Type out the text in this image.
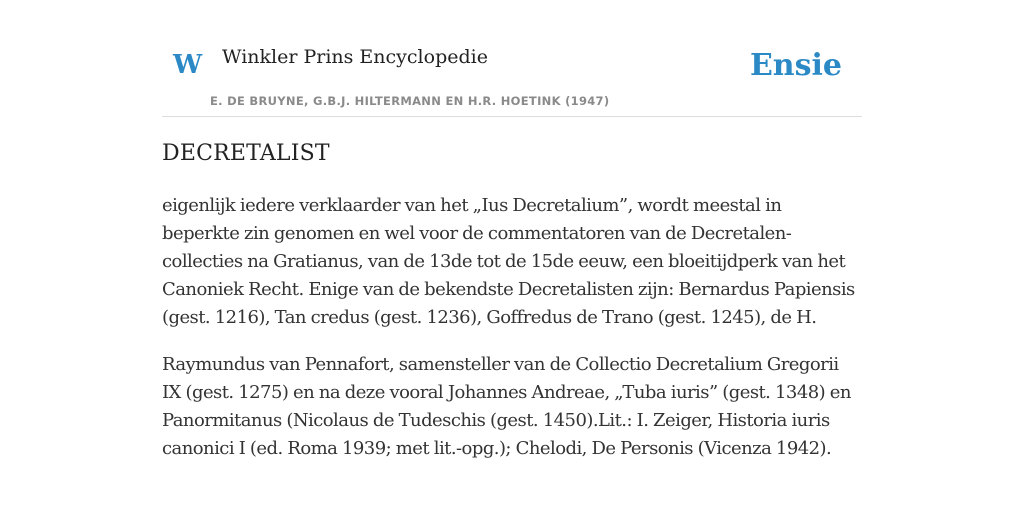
W Winkler Prins Encyclopedie
E. DE BRUYNE, G.B.J. HILTERMANN EN H.R. HOETINK (1947)
Ensie
DECRETALIST

eigenlijk iedere verklaarder van het „Ius Decretalium”, wordt meestal in beperkte zin genomen en wel voor de commentatoren van de Decretalen-collecties na Gratianus, van de 13de tot de 15de eeuw, een bloeitijdperk van het Canoniek Recht. Enige van de bekendste Decretalisten zijn: Bernardus Papiensis (gest. 1216), Tan credus (gest. 1236), Goffredus de Trano (gest. 1245), de H.

Raymundus van Pennafort, samensteller van de Collectio Decretalium Gregorii IX (gest. 1275) en na deze vooral Johannes Andreae, „Tuba iuris” (gest. 1348) en Panormitanus (Nicolaus de Tudeschis (gest. 1450).Lit.: I. Zeiger, Historia iuris canonici I (ed. Roma 1939; met lit.-opg.); Chelodi, De Personis (Vicenza 1942).
